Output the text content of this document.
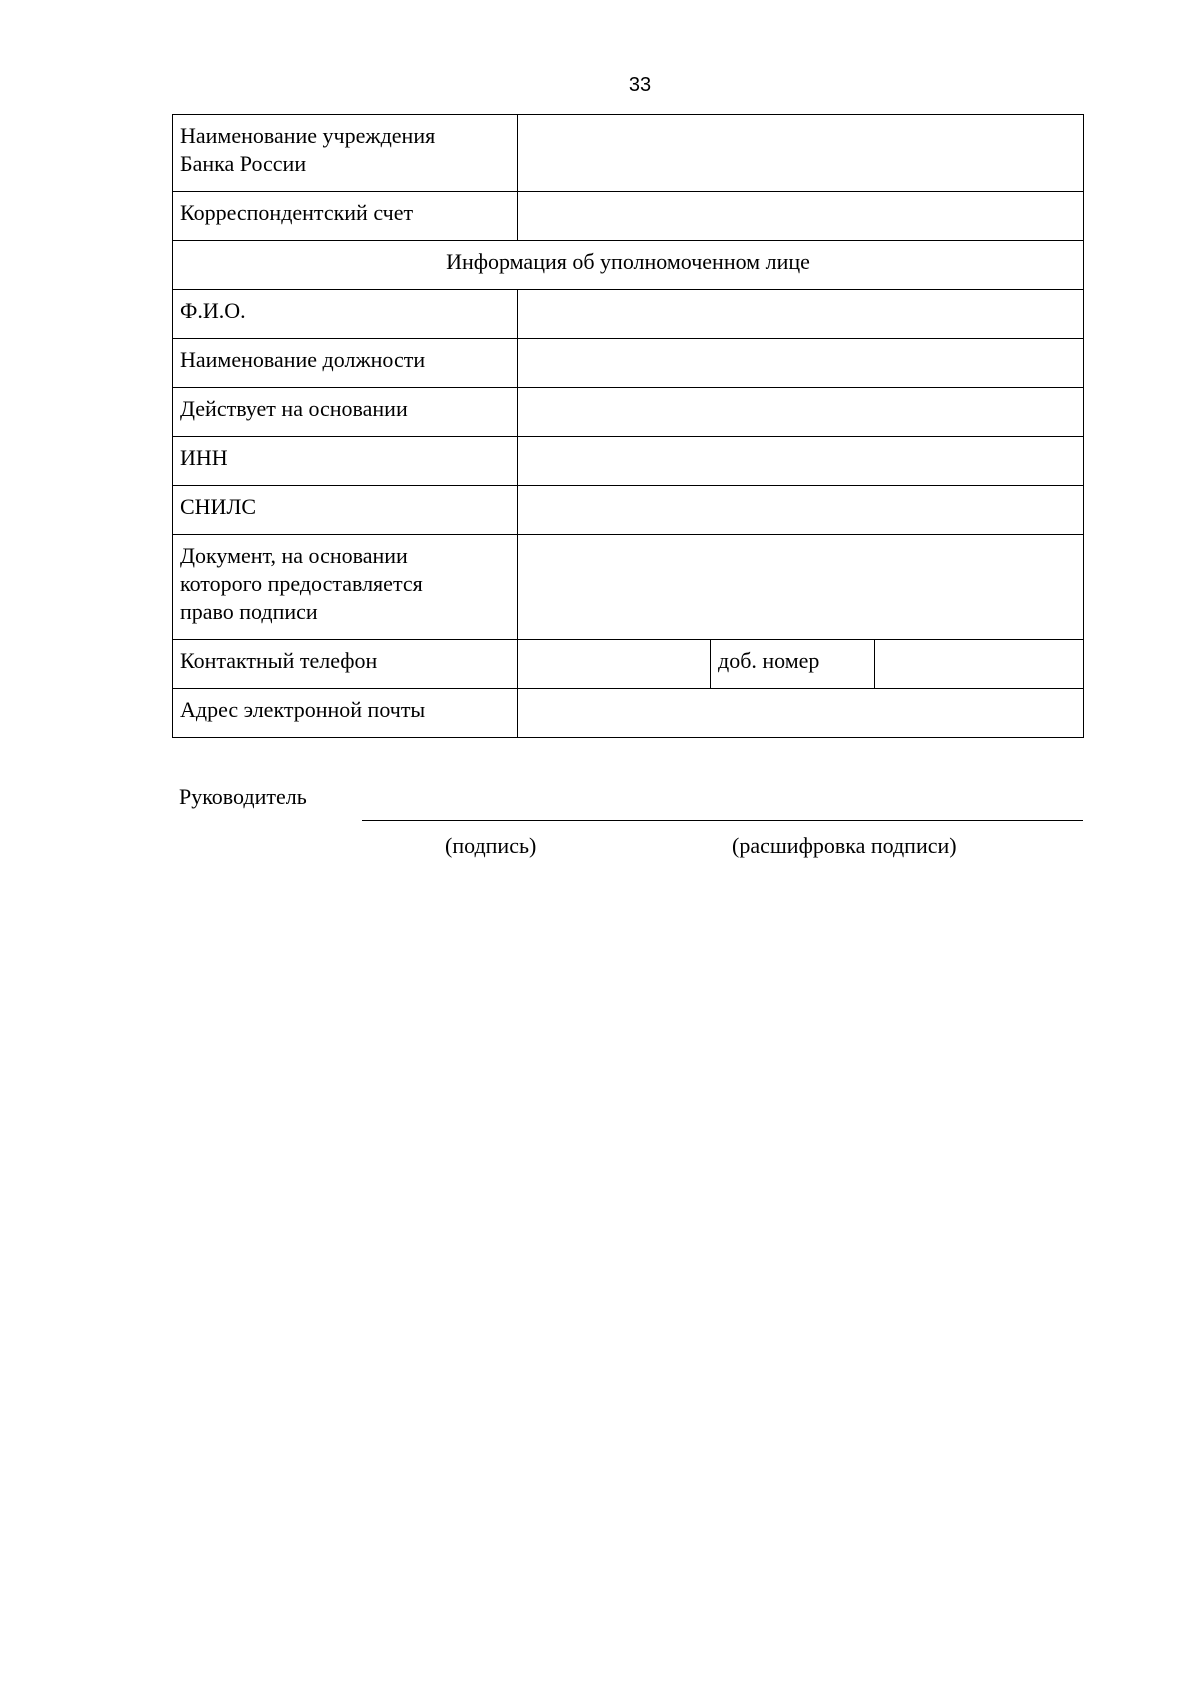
33
Наименование учреждения
Банка России			
Корреспондентский счет			
Информация об уполномоченном лице			
Ф.И.О.			
Наименование должности			
Действует на основании			
ИНН			
СНИЛС			
Документ, на основании
которого предоставляется
право подписи			
Контактный телефон		доб. номер	
Адрес электронной почты			
Руководитель
(подпись)	(расшифровка подписи)
